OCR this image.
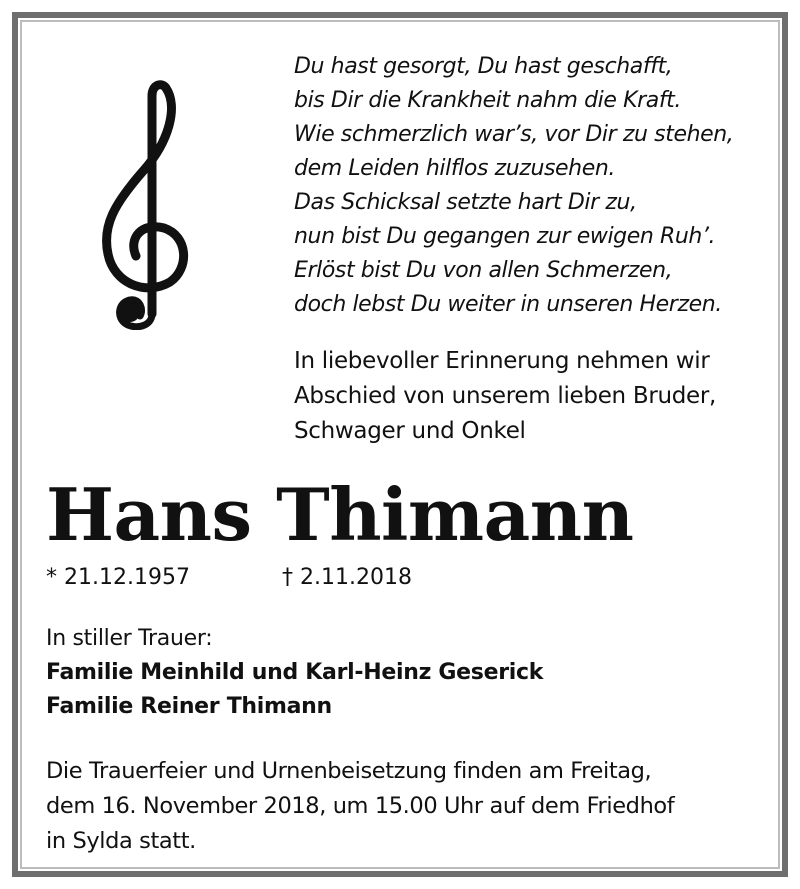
Du hast gesorgt, Du hast geschafft,
bis Dir die Krankheit nahm die Kraft.
Wie schmerzlich war’s, vor Dir zu stehen,
dem Leiden hilflos zuzusehen.
Das Schicksal setzte hart Dir zu,
nun bist Du gegangen zur ewigen Ruh’.
Erlöst bist Du von allen Schmerzen,
doch lebst Du weiter in unseren Herzen.
In liebevoller Erinnerung nehmen wir
Abschied von unserem lieben Bruder,
Schwager und Onkel
Hans Thimann
* 21.12.1957	† 2.11.2018
In stiller Trauer:
Familie Meinhild und Karl-Heinz Geserick
Familie Reiner Thimann
Die Trauerfeier und Urnenbeisetzung finden am Freitag,
dem 16. November 2018, um 15.00 Uhr auf dem Friedhof
in Sylda statt.
